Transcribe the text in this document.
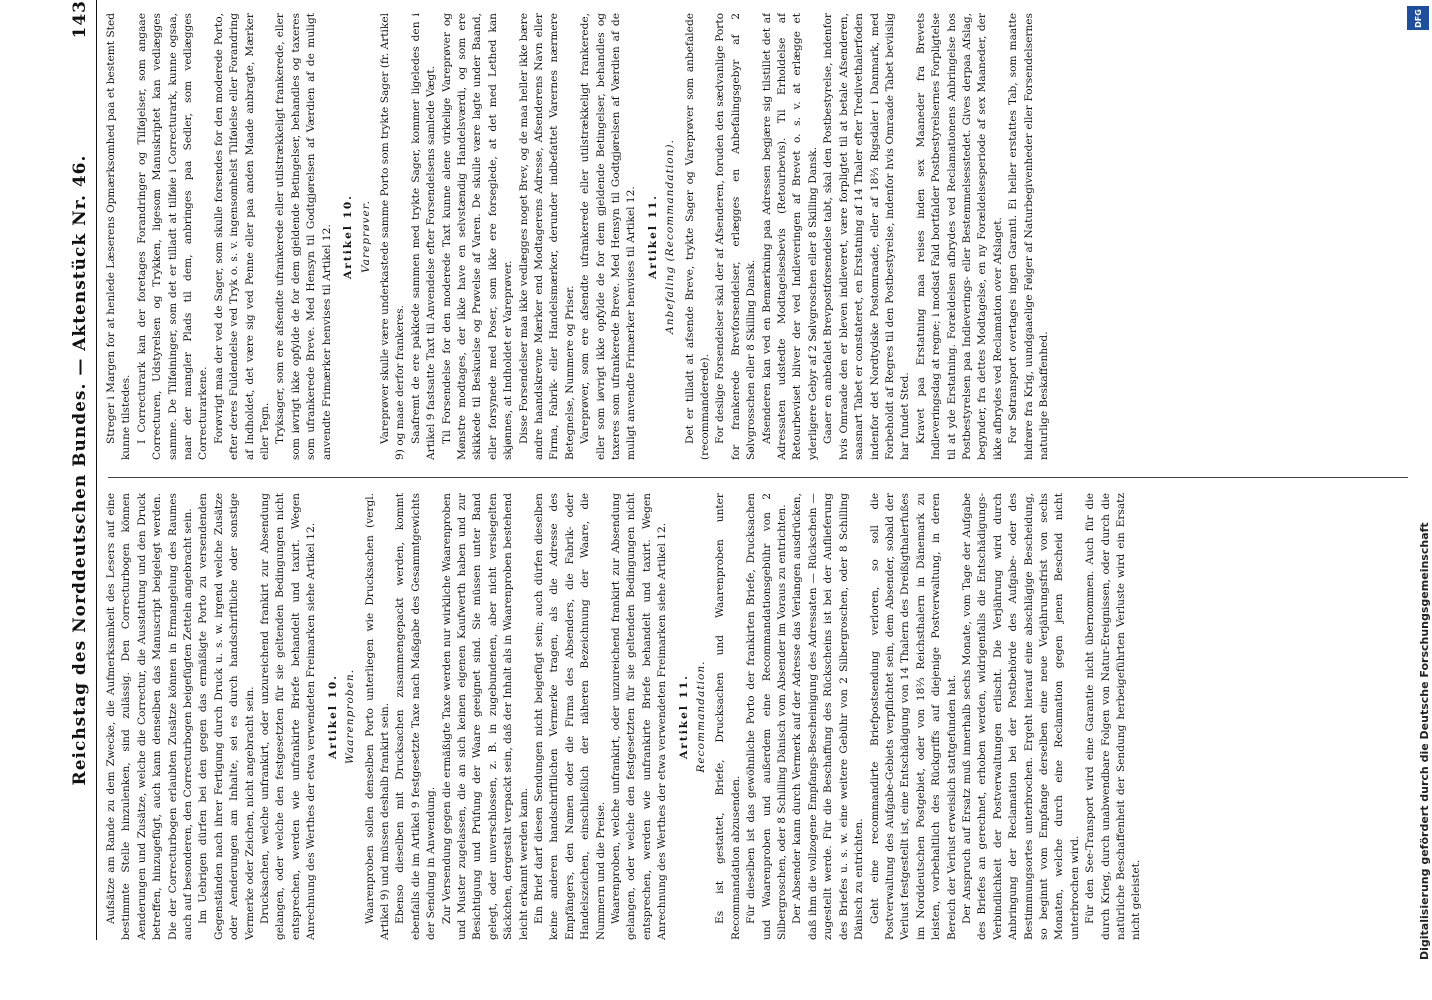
Reichstag des Norddeutschen Bundes. — Aktenstück Nr. 46.
143

Aufsätze am Rande zu dem Zwecke, die Aufmerksamkeit des Lesers auf eine bestimmte Stelle hinzulenken, sind zulässig. Den Correcturbogen können Aenderungen und Zusätze, welche die Correctur, die Ausstattung und den Druck betreffen, hinzugefügt, auch kann denselben das Manuscript beigelegt werden. Die der Correcturbogen erlaubten Zusätze können in Ermangelung des Raumes auch auf besonderen, den Correcturbogen beigefügten Zetteln angebracht sein. Im Uebrigen dürfen bei den gegen das ermäßigte Porto zu versendenden Gegenständen nach ihrer Fertigung durch Druck u. s. w. irgend welche Zusätze oder Aenderungen am Inhalte, sei es durch handschriftliche oder sonstige Vermerke oder Zeichen, nicht angebracht sein. Drucksachen, welche unfrankirt, oder unzureichend frankirt zur Absendung gelangen, oder welche den festgesetzten für sie geltenden Bedingungen nicht entsprechen, werden wie unfrankirte Briefe behandelt und taxirt. Wegen Anrechnung des Werthes der etwa verwendeten Freimarken siehe Artikel 12. Artikel 10. Waarenproben. Waarenproben sollen denselben Porto unterliegen wie Drucksachen (vergl. Artikel 9) und müssen deshalb frankirt sein. Ebenso dieselben mit Drucksachen zusammengepackt werden, kommt ebenfalls die im Artikel 9 festgesetzte Taxe nach Maßgabe des Gesammtgewichts der Sendung in Anwendung. Zur Versendung gegen die ermäßigte Taxe werden nur wirkliche Waarenproben und Muster zugelassen, die an sich keinen eigenen Kaufwerth haben und zur Besichtigung und Prüfung der Waare geeignet sind. Sie müssen unter Band gelegt, oder unverschlossen, z. B. in zugebundenen, aber nicht versiegelten Säckchen, dergestalt verpackt sein, daß der Inhalt als in Waarenproben bestehend leicht erkannt werden kann. Ein Brief darf diesen Sendungen nicht beigefügt sein; auch dürfen dieselben keine anderen handschriftlichen Vermerke tragen, als die Adresse des Empfängers, den Namen oder die Firma des Absenders, die Fabrik- oder Handelszeichen, einschließlich der näheren Bezeichnung der Waare, die Nummern und die Preise. Waarenproben, welche unfrankirt, oder unzureichend frankirt zur Absendung gelangen, oder welche den festgesetzten für sie geltenden Bedingungen nicht entsprechen, werden wie unfrankirte Briefe behandelt und taxirt. Wegen Anrechnung des Werthes der etwa verwendeten Freimarken siehe Artikel 12. Artikel 11. Recommandation. Es ist gestattet, Briefe, Drucksachen und Waarenproben unter Recommandation abzusenden. Für dieselben ist das gewöhnliche Porto der frankirten Briefe, Drucksachen und Waarenproben und außerdem eine Recommandationsgebühr von 2 Silbergroschen, oder 8 Schilling Dänisch vom Absender im Voraus zu entrichten. Der Absender kann durch Vermerk auf der Adresse das Verlangen ausdrücken, daß ihm die vollzogene Empfangs-Bescheinigung des Adressaten — Rückschein — zugestellt werde. Für die Beschaffung des Rückscheins ist bei der Auflieferung des Briefes u. s. w. eine weitere Gebühr von 2 Silbergroschen, oder 8 Schilling Dänisch zu entrichten. Geht eine recommandirte Briefpostsendung verloren, so soll die Postverwaltung des Aufgabe-Gebiets verpflichtet sein, dem Absender, sobald der Verlust festgestellt ist, eine Entschädigung von 14 Thalern des Dreißigthalerfußes im Norddeutschen Postgebiet, oder von 18⅔ Reichsthalern in Dänemark zu leisten, vorbehaltlich des Rückgriffs auf diejenige Postverwaltung, in deren Bereich der Verlust erweislich stattgefunden hat. Der Anspruch auf Ersatz muß innerhalb sechs Monate, vom Tage der Aufgabe des Briefes an gerechnet, erhoben werden, widrigenfalls die Entschädigungs-Verbindlichkeit der Postverwaltungen erlischt. Die Verjährung wird durch Anbringung der Reclamation bei der Postbehörde des Aufgabe- oder des Bestimmungsortes unterbrochen. Ergeht hierauf eine abschlägige Bescheidung, so beginnt vom Empfange derselben eine neue Verjährungsfrist von sechs Monaten, welche durch eine Reclamation gegen jenen Bescheid nicht unterbrochen wird. Für den See-Transport wird eine Garantie nicht übernommen. Auch für die durch Krieg, durch unabwendbare Folgen von Natur-Ereignissen, oder durch die natürliche Beschaffenheit der Sendung herbeigeführten Verluste wird ein Ersatz nicht geleistet.

Streger i Margen for at henlede Læserens Opmærksomhed paa et bestemt Sted kunne tilstedes. I Correcturark kan der foretages Forandringer og Tilføjelser, som angaae Correcturen, Udstyrelsen og Trykken, ligesom Manuskriptet kan vedlægges samme. De Tilføininger, som det er tilladt at tilføie i Correcturark, kunne ogsaa, naar der mangler Plads til dem, anbringes paa Sedler, som vedlægges Correcturarkene. Forøvrigt maa der ved de Sager, som skulle forsendes for den moderede Porto, efter deres Fuldendelse ved Tryk o. s. v. ingensomhelst Tilføielse eller Forandring af Indholdet, det være sig ved Penne eller paa anden Maade anbragte, Mærker eller Tegn. Tryksager, som ere afsendte ufrankerede eller utilstrækkeligt frankerede, eller som iøvrigt ikke opfylde de for dem gjeldende Betingelser, behandles og taxeres som ufrankerede Breve. Med Hensyn til Godtgjørelsen af Værdien af de muligt anvendte Frimærker henvises til Artikel 12. Artikel 10. Vareprøver. Vareprøver skulle være underkastede samme Porto som trykte Sager (fr. Artikel 9) og maae derfor frankeres. Saafremt de ere pakkede sammen med trykte Sager, kommer ligeledes den i Artikel 9 fastsatte Taxt til Anvendelse efter Forsendelsens samlede Vægt. Til Forsendelse for den moderede Taxt kunne alene virkelige Vareprøver og Mønstre modtages, der ikke have en selvstændig Handelsværdi, og som ere skikkede til Beskuelse og Prøvelse af Varen. De skulle være lagte under Baand, eller forsynede med Poser, som ikke ere forseglede, at det med Lethed kan skjønnes, at Indholdet er Vareprøver. Disse Forsendelser maa ikke vedlægges noget Brev, og de maa heller ikke bære andre haandskrevne Mærker end Modtagerens Adresse, Afsenderens Navn eller Firma, Fabrik- eller Handelsmærker, derunder indbefattet Varernes nærmere Betegnelse, Nummere og Priser. Vareprøver, som ere afsendte ufrankerede eller utilstrækkeligt frankerede, eller som iøvrigt ikke opfylde de for dem gjeldende Betingelser, behandles og taxeres som ufrankerede Breve. Med Hensyn til Godtgjørelsen af Værdien af de muligt anvendte Frimærker henvises til Artikel 12. Artikel 11. Anbefaling (Recommandation). Det er tilladt at afsende Breve, trykte Sager og Vareprøver som anbefalede (recommanderede). For deslige Forsendelser skal der af Afsenderen, foruden den sædvanlige Porto for frankerede Brevforsendelser, erlægges en Anbefalingsgebyr af 2 Sølvgrosschen eller 8 Skilling Dansk. Afsenderen kan ved en Bemærkning paa Adressen begjære sig tilstillet det af Adressaten udstedte Modtagelsesbevis (Retourbevis). Til Erholdelse af Retourbeviset bliver der ved Indleveringen af Brevet o. s. v. at erlægge et yderligere Gebyr af 2 Sølvgroschen eller 8 Skilling Dansk. Gaaer en anbefalet Brevpostforsendelse tabt, skal den Postbestyrelse, indenfor hvis Omraade den er bleven indleveret, være forpligtet til at betale Afsenderen, saasnart Tabet er constateret, en Erstatning af 14 Thaler efter Tredivethalerfoden indenfor det Nordtydske Postomraade, eller af 18⅔ Rigsdaler i Danmark, med Forbeholdt af Regres til den Postbestyrelse, indenfor hvis Omraade Tabet beviislig har fundet Sted. Kravet paa Erstatning maa reises inden sex Maaneder fra Brevets Indleveringsdag at regne; i modsat Fald bortfalder Postbestyrelsernes Forpligtelse til at yde Erstatning. Forældelsen afbrydes ved Reclamationens Anbringelse hos Postbestyrelsen paa Indleverings- eller Bestemmelsesstedet. Gives derpaa Afslag, begynder, fra dettes Modtagelse, en ny Forældelsesperiode af sex Maaneder, der ikke afbrydes ved Reclamation over Afslaget. For Søtransport overtages ingen Garanti. Ei heller erstattes Tab, som maatte hidrøre fra Krig, uundgaaelige Følger af Naturbegivenheder eller Forsendelsernes naturlige Beskaffenhed.

DFG
Digitalisierung gefördert durch die Deutsche Forschungsgemeinschaft
